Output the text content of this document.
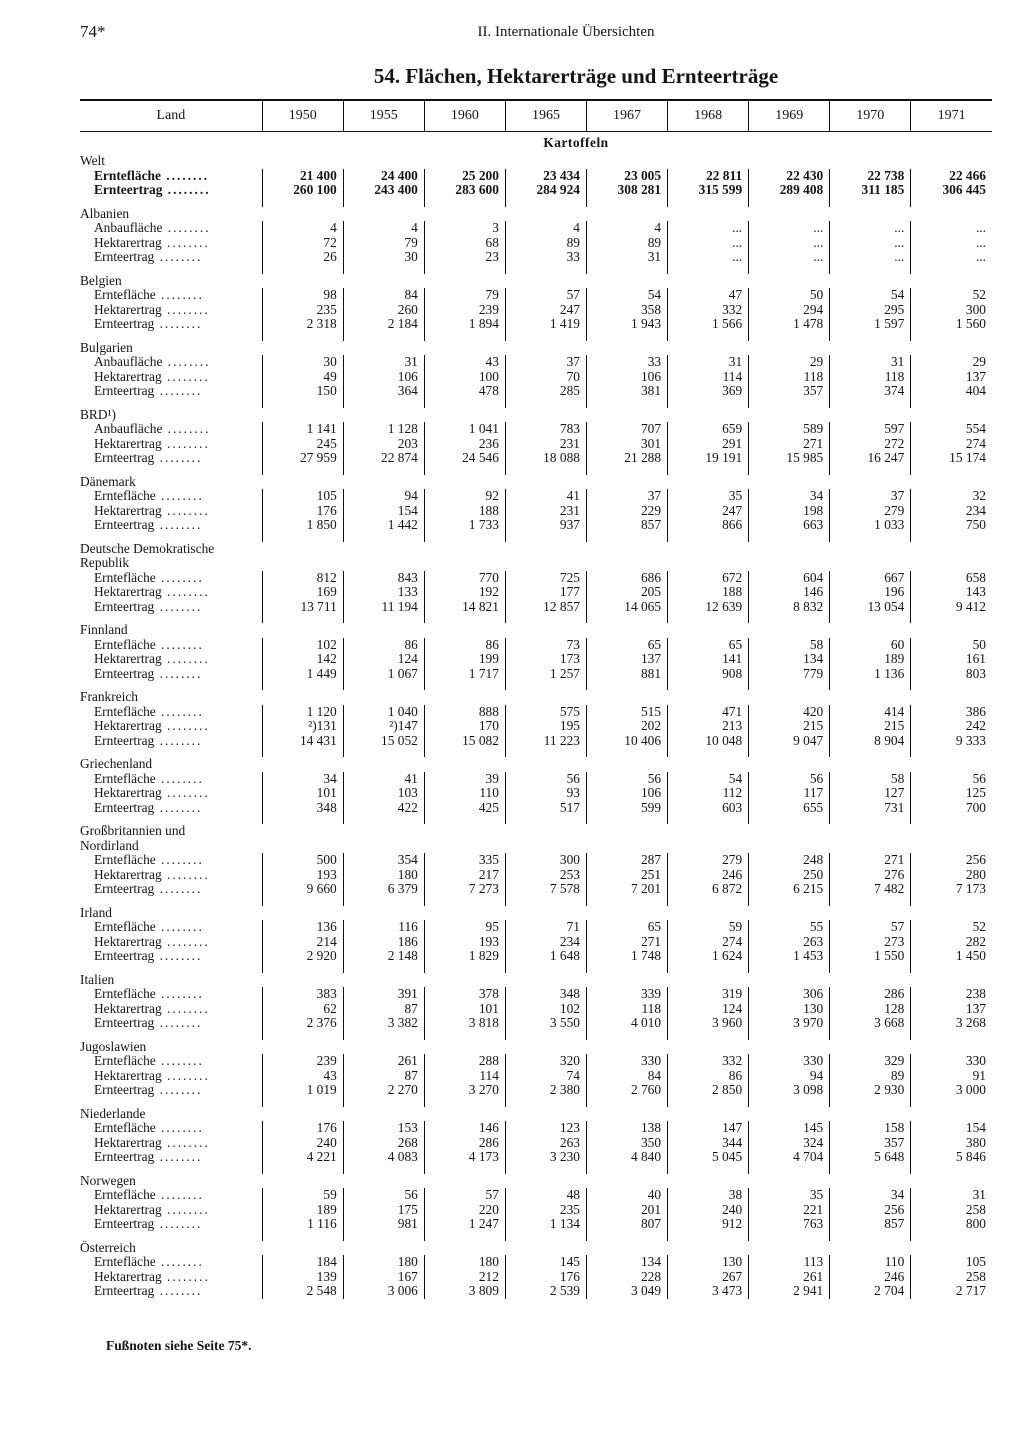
74*	II. Internationale Übersichten
54. Flächen, Hektarerträge und Ernteerträge
Land	1950	1955	1960	1965	1967	1968	1969	1970	1971
Kartoffeln									
Welt									
Erntefläche ........	21 400	24 400	25 200	23 434	23 005	22 811	22 430	22 738	22 466
Ernteertrag ........	260 100	243 400	283 600	284 924	308 281	315 599	289 408	311 185	306 445

Albanien									
Anbaufläche ........	4	4	3	4	4	...	...	...	...
Hektarertrag ........	72	79	68	89	89	...	...	...	...
Ernteertrag ........	26	30	23	33	31	...	...	...	...

Belgien									
Erntefläche ........	98	84	79	57	54	47	50	54	52
Hektarertrag ........	235	260	239	247	358	332	294	295	300
Ernteertrag ........	2 318	2 184	1 894	1 419	1 943	1 566	1 478	1 597	1 560

Bulgarien									
Anbaufläche ........	30	31	43	37	33	31	29	31	29
Hektarertrag ........	49	106	100	70	106	114	118	118	137
Ernteertrag ........	150	364	478	285	381	369	357	374	404

BRD¹)									
Anbaufläche ........	1 141	1 128	1 041	783	707	659	589	597	554
Hektarertrag ........	245	203	236	231	301	291	271	272	274
Ernteertrag ........	27 959	22 874	24 546	18 088	21 288	19 191	15 985	16 247	15 174

Dänemark									
Erntefläche ........	105	94	92	41	37	35	34	37	32
Hektarertrag ........	176	154	188	231	229	247	198	279	234
Ernteertrag ........	1 850	1 442	1 733	937	857	866	663	1 033	750

Deutsche Demokratische									
Republik									
Erntefläche ........	812	843	770	725	686	672	604	667	658
Hektarertrag ........	169	133	192	177	205	188	146	196	143
Ernteertrag ........	13 711	11 194	14 821	12 857	14 065	12 639	8 832	13 054	9 412

Finnland									
Erntefläche ........	102	86	86	73	65	65	58	60	50
Hektarertrag ........	142	124	199	173	137	141	134	189	161
Ernteertrag ........	1 449	1 067	1 717	1 257	881	908	779	1 136	803

Frankreich									
Erntefläche ........	1 120	1 040	888	575	515	471	420	414	386
Hektarertrag ........	²)131	²)147	170	195	202	213	215	215	242
Ernteertrag ........	14 431	15 052	15 082	11 223	10 406	10 048	9 047	8 904	9 333

Griechenland									
Erntefläche ........	34	41	39	56	56	54	56	58	56
Hektarertrag ........	101	103	110	93	106	112	117	127	125
Ernteertrag ........	348	422	425	517	599	603	655	731	700

Großbritannien und									
Nordirland									
Erntefläche ........	500	354	335	300	287	279	248	271	256
Hektarertrag ........	193	180	217	253	251	246	250	276	280
Ernteertrag ........	9 660	6 379	7 273	7 578	7 201	6 872	6 215	7 482	7 173

Irland									
Erntefläche ........	136	116	95	71	65	59	55	57	52
Hektarertrag ........	214	186	193	234	271	274	263	273	282
Ernteertrag ........	2 920	2 148	1 829	1 648	1 748	1 624	1 453	1 550	1 450

Italien									
Erntefläche ........	383	391	378	348	339	319	306	286	238
Hektarertrag ........	62	87	101	102	118	124	130	128	137
Ernteertrag ........	2 376	3 382	3 818	3 550	4 010	3 960	3 970	3 668	3 268

Jugoslawien									
Erntefläche ........	239	261	288	320	330	332	330	329	330
Hektarertrag ........	43	87	114	74	84	86	94	89	91
Ernteertrag ........	1 019	2 270	3 270	2 380	2 760	2 850	3 098	2 930	3 000

Niederlande									
Erntefläche ........	176	153	146	123	138	147	145	158	154
Hektarertrag ........	240	268	286	263	350	344	324	357	380
Ernteertrag ........	4 221	4 083	4 173	3 230	4 840	5 045	4 704	5 648	5 846

Norwegen									
Erntefläche ........	59	56	57	48	40	38	35	34	31
Hektarertrag ........	189	175	220	235	201	240	221	256	258
Ernteertrag ........	1 116	981	1 247	1 134	807	912	763	857	800

Österreich									
Erntefläche ........	184	180	180	145	134	130	113	110	105
Hektarertrag ........	139	167	212	176	228	267	261	246	258
Ernteertrag ........	2 548	3 006	3 809	2 539	3 049	3 473	2 941	2 704	2 717
Fußnoten siehe Seite 75*.
